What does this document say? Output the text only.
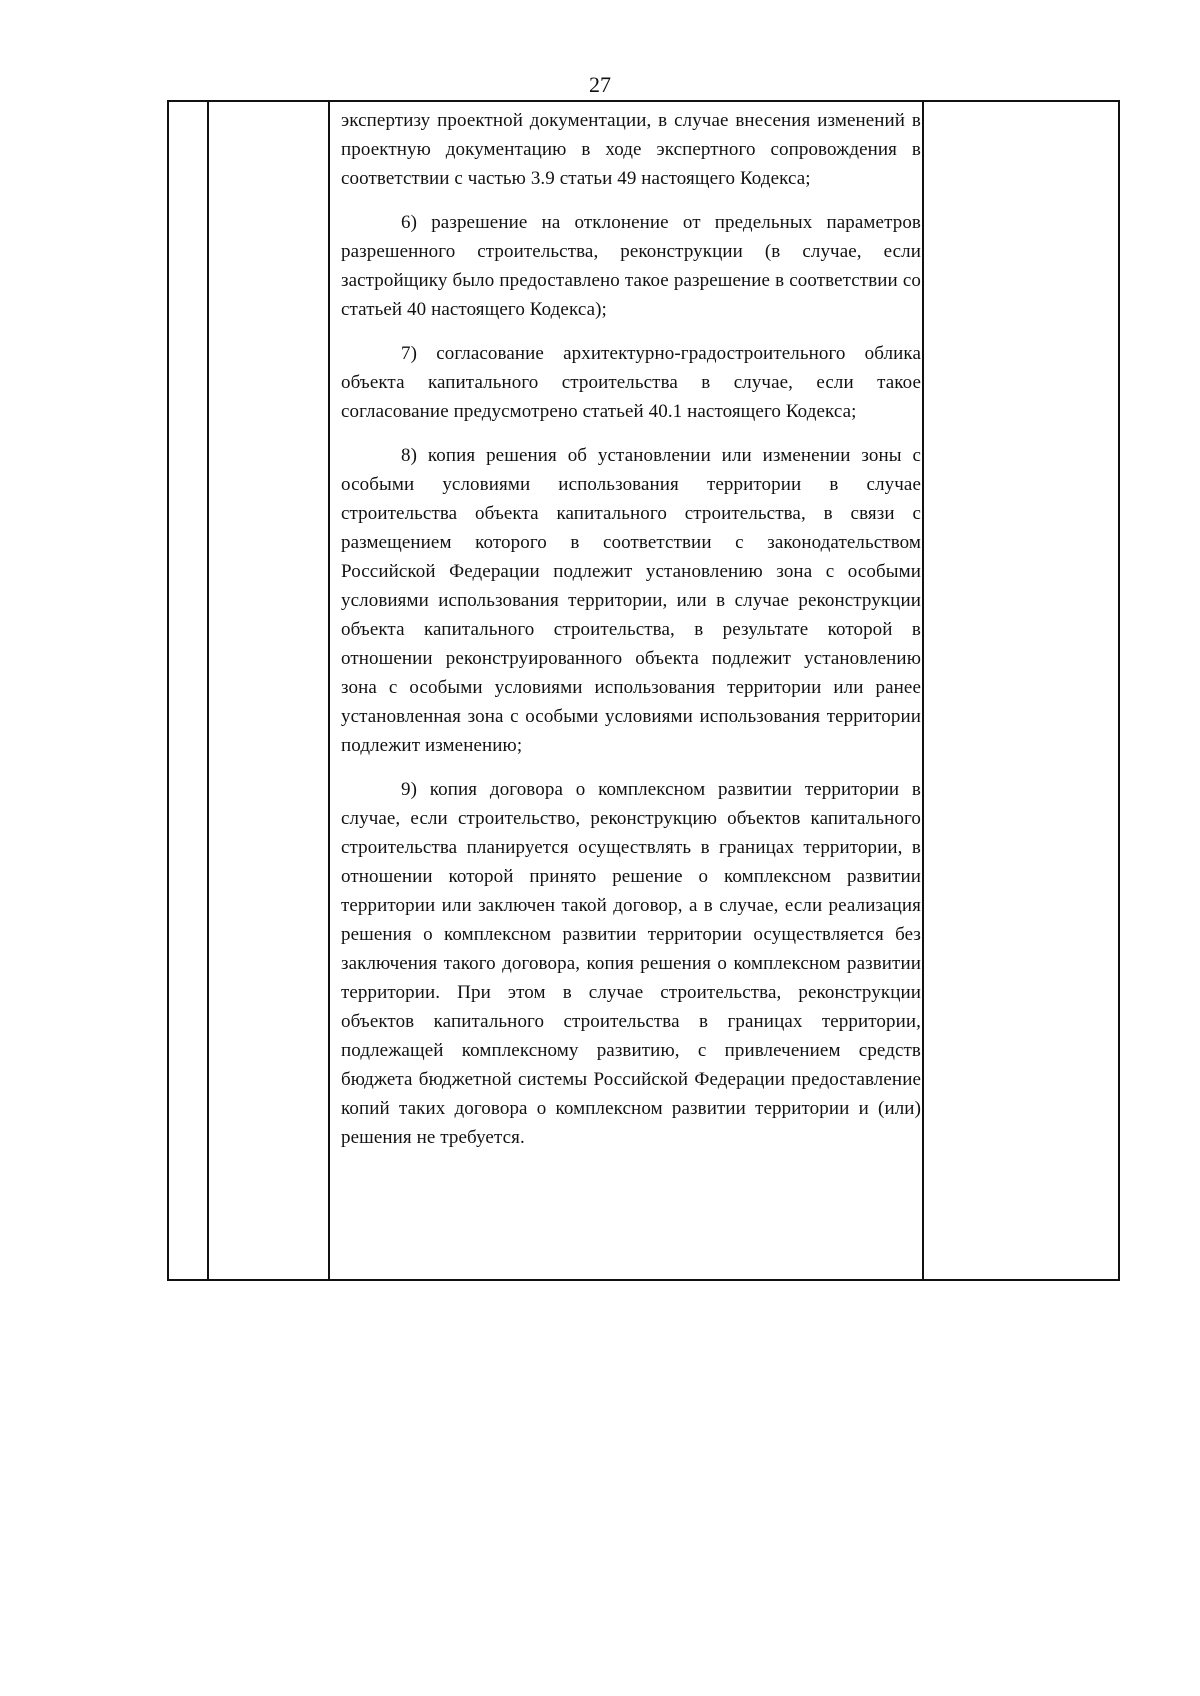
27

экспертизу проектной документации, в случае внесения изменений в проектную документацию в ходе экспертного сопровождения в соответствии с частью 3.9 статьи 49 настоящего Кодекса;

6) разрешение на отклонение от предельных параметров разрешенного строительства, реконструкции (в случае, если застройщику было предоставлено такое разрешение в соответствии со статьей 40 настоящего Кодекса);

7) согласование архитектурно-градостроительного облика объекта капитального строительства в случае, если такое согласование предусмотрено статьей 40.1 настоящего Кодекса;

8) копия решения об установлении или изменении зоны с особыми условиями использования территории в случае строительства объекта капитального строительства, в связи с размещением которого в соответствии с законодательством Российской Федерации подлежит установлению зона с особыми условиями использования территории, или в случае реконструкции объекта капитального строительства, в результате которой в отношении реконструированного объекта подлежит установлению зона с особыми условиями использования территории или ранее установленная зона с особыми условиями использования территории подлежит изменению;

9) копия договора о комплексном развитии территории в случае, если строительство, реконструкцию объектов капитального строительства планируется осуществлять в границах территории, в отношении которой принято решение о комплексном развитии территории или заключен такой договор, а в случае, если реализация решения о комплексном развитии территории осуществляется без заключения такого договора, копия решения о комплексном развитии территории. При этом в случае строительства, реконструкции объектов капитального строительства в границах территории, подлежащей комплексному развитию, с привлечением средств бюджета бюджетной системы Российской Федерации предоставление копий таких договора о комплексном развитии территории и (или) решения не требуется.
